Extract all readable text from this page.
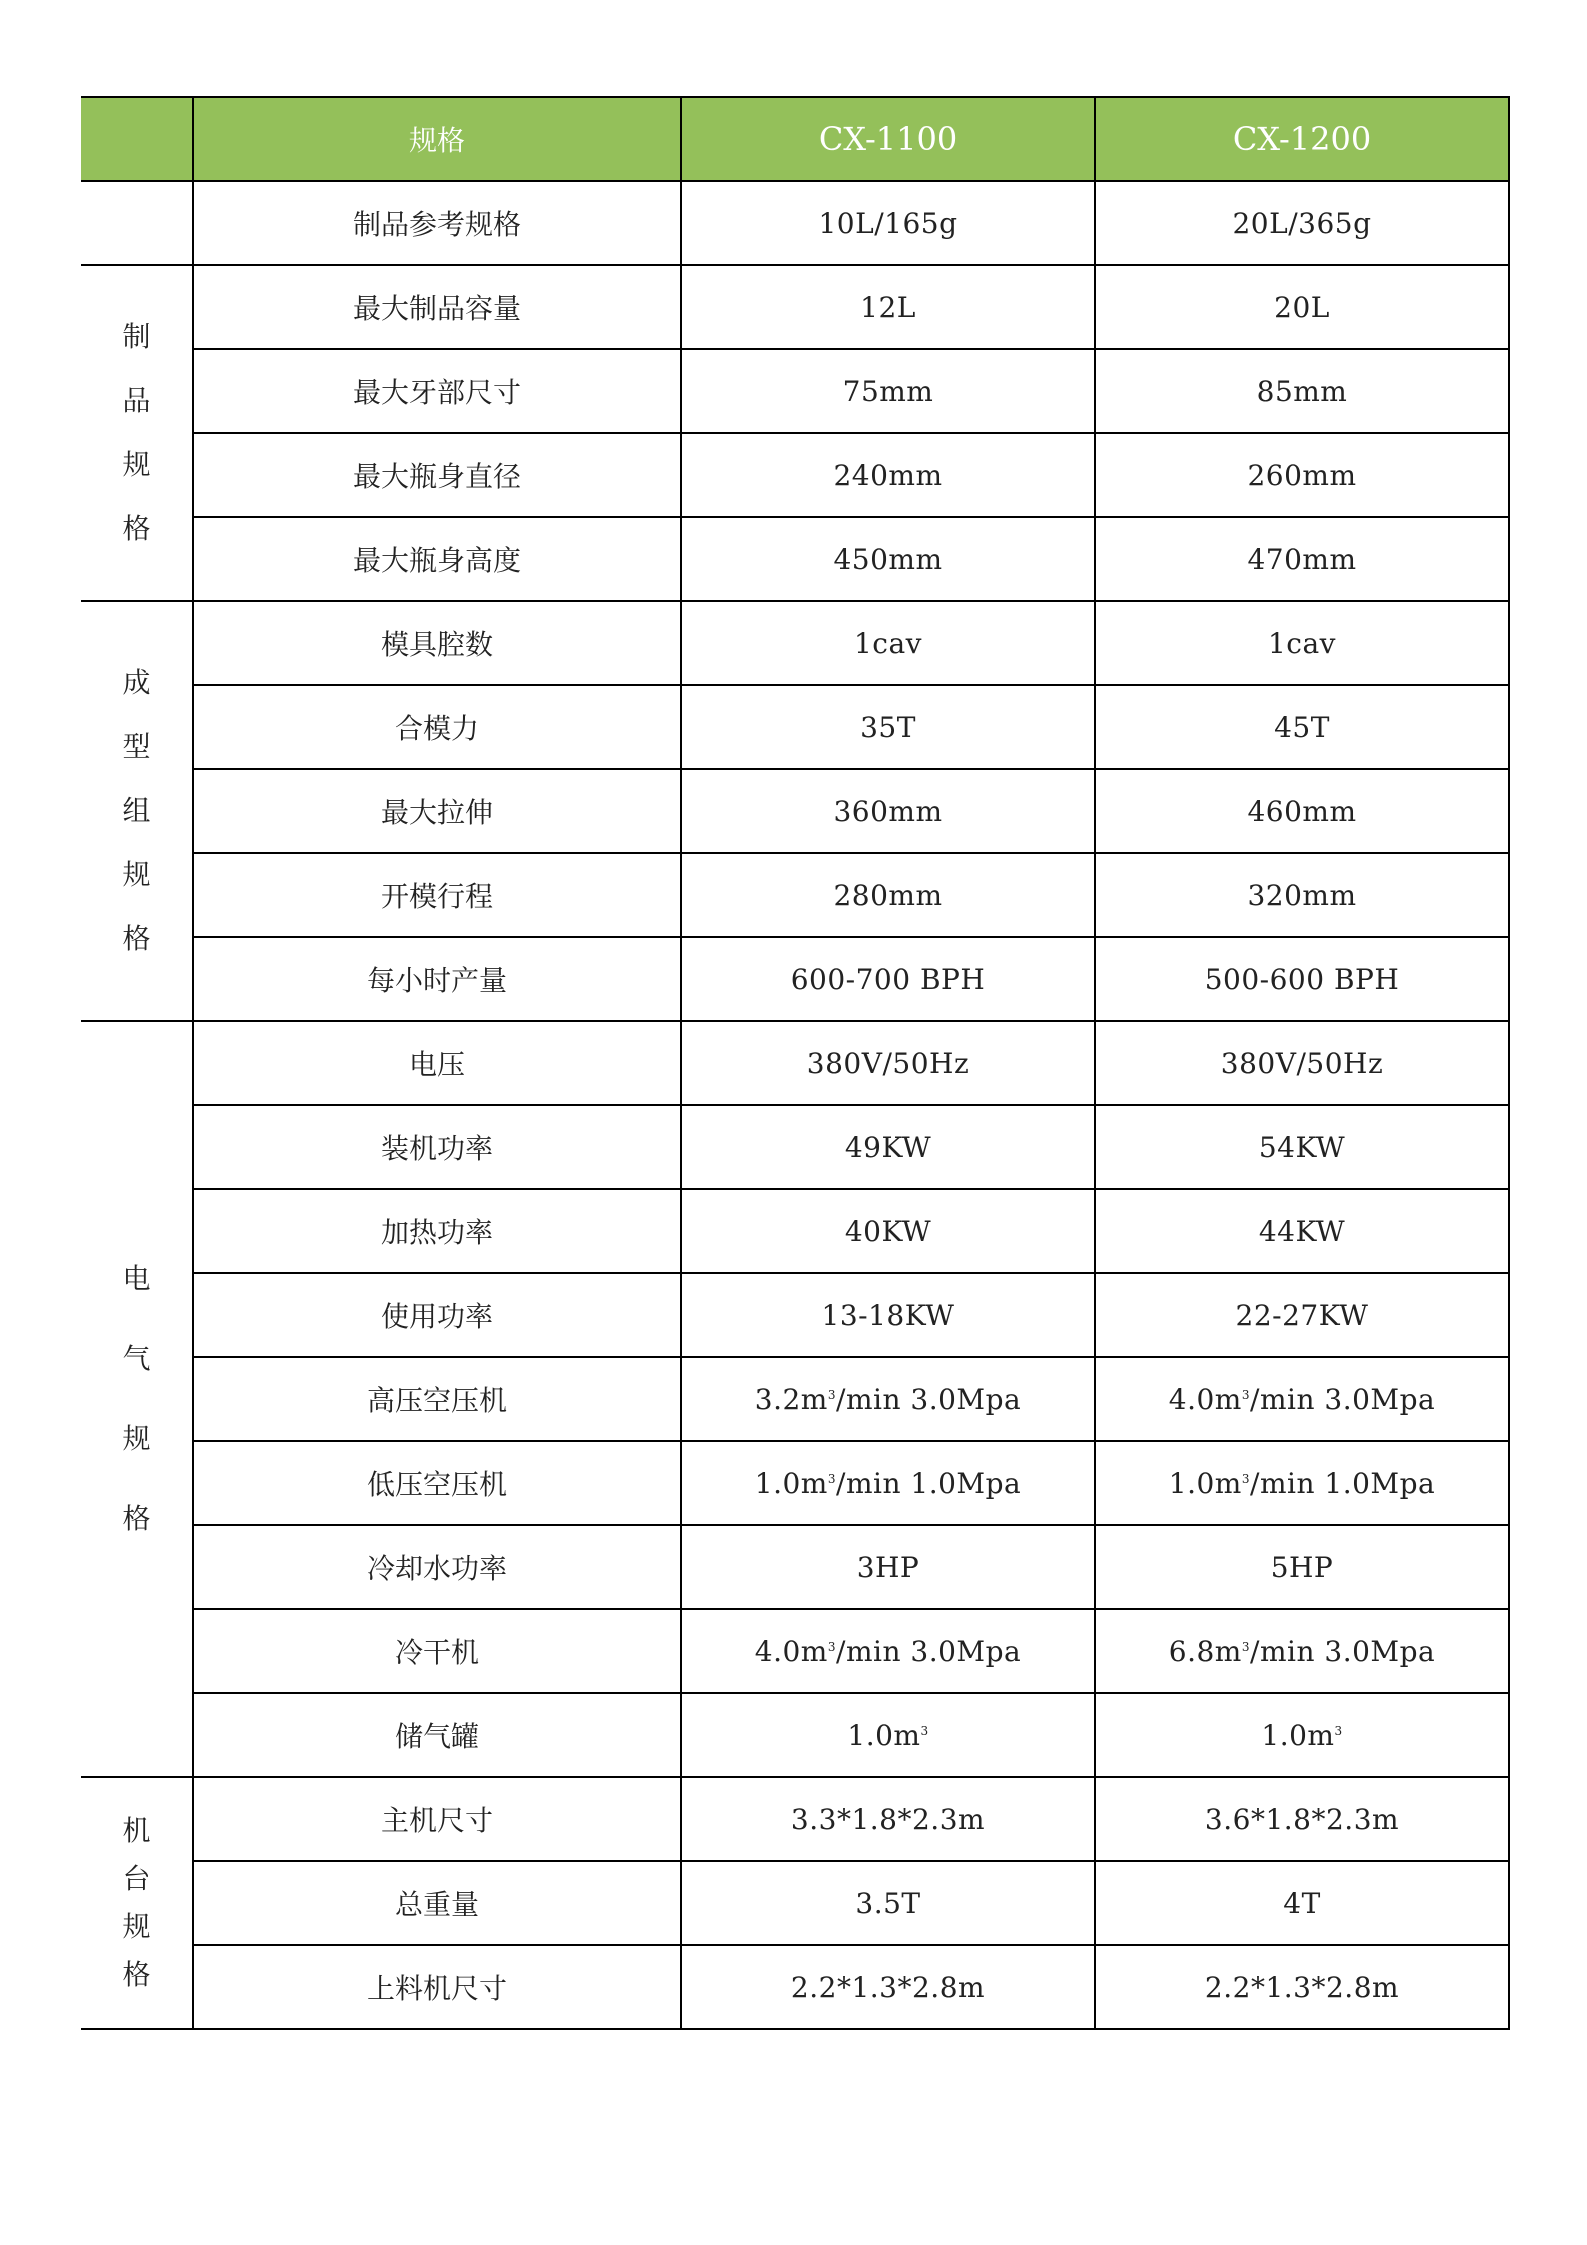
	规格	CX-1100	CX-1200
	制品参考规格	10L/165g	20L/365g
制品规格	最大制品容量	12L	20L
	最大牙部尺寸	75mm	85mm
	最大瓶身直径	240mm	260mm
	最大瓶身高度	450mm	470mm
成型组规格	模具腔数	1cav	1cav
	合模力	35T	45T
	最大拉伸	360mm	460mm
	开模行程	280mm	320mm
	每小时产量	600-700 BPH	500-600 BPH
电气规格	电压	380V/50Hz	380V/50Hz
	装机功率	49KW	54KW
	加热功率	40KW	44KW
	使用功率	13-18KW	22-27KW
	高压空压机	$3.2m^3/\min$ 3.0Mpa	$4.0m^3/\min$ 3.0Mpa
	低压空压机	$1.0m^3/\min$ 1.0Mpa	$1.0m^3/\min$ 1.0Mpa
	冷却水功率	3HP	5HP
	冷干机	$4.0m^3/\min$ 3.0Mpa	$6.8m^3/\min$ 3.0Mpa
	储气罐	$1.0m^3$	$1.0m^3$
机台规格	主机尺寸	3.3*1.8*2.3m	3.6*1.8*2.3m
	总重量	3.5T	4T
	上料机尺寸	2.2*1.3*2.8m	2.2*1.3*2.8m
